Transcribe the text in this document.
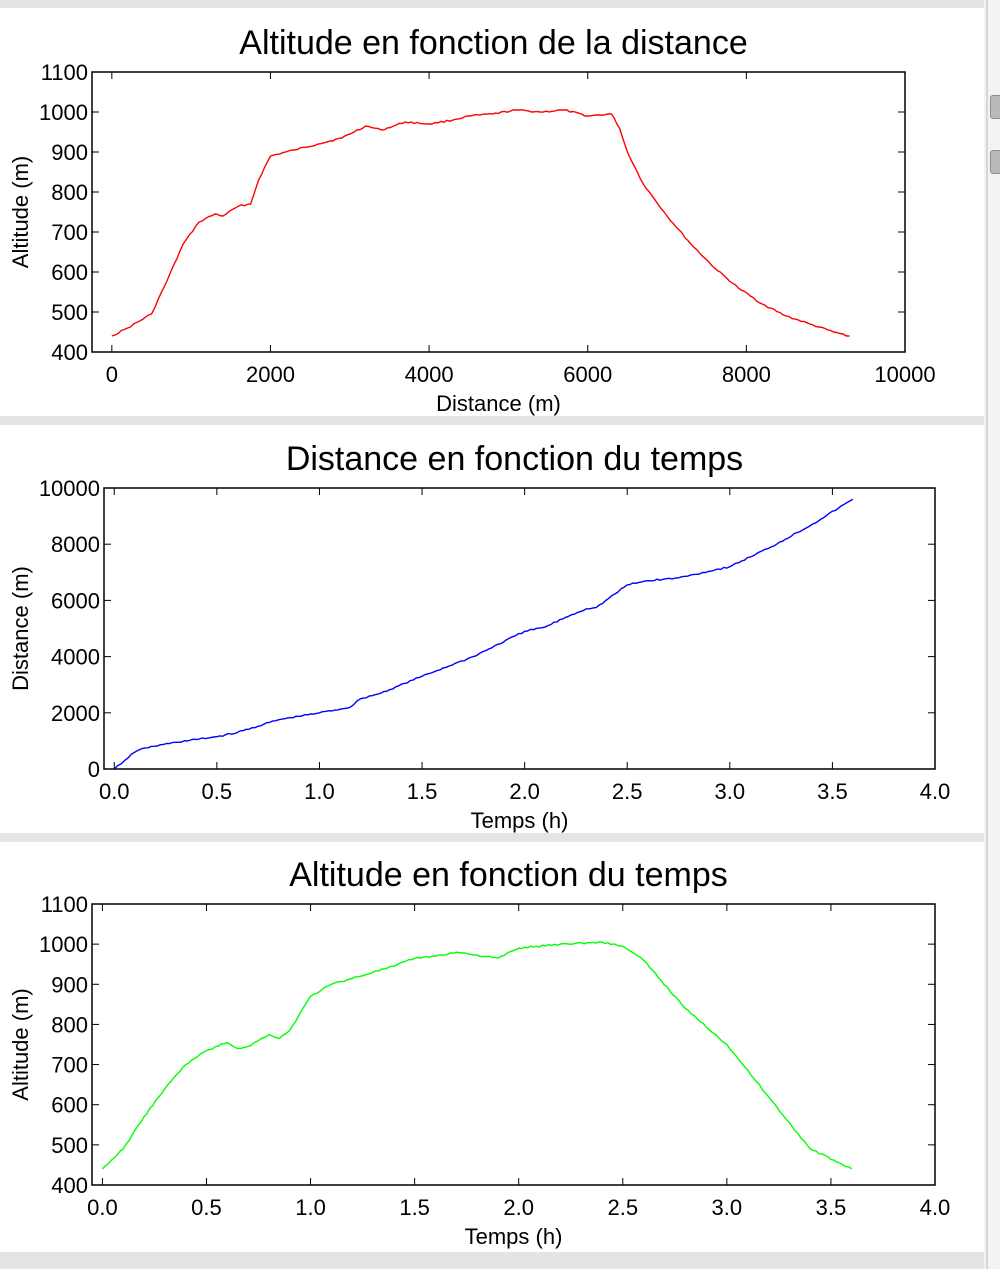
Altitude en fonction de la distance
Distance (m)
Altitude (m)
0	2000	4000	6000	8000	10000
400
500
600
700
800
900
1000
1100
Distance en fonction du temps
Temps (h)
Distance (m)
0.0	0.5	1.0	1.5	2.0	2.5	3.0	3.5	4.0
0
2000
4000
6000
8000
10000
Altitude en fonction du temps
Temps (h)
Altitude (m)
0.0	0.5	1.0	1.5	2.0	2.5	3.0	3.5	4.0
400
500
600
700
800
900
1000
1100
